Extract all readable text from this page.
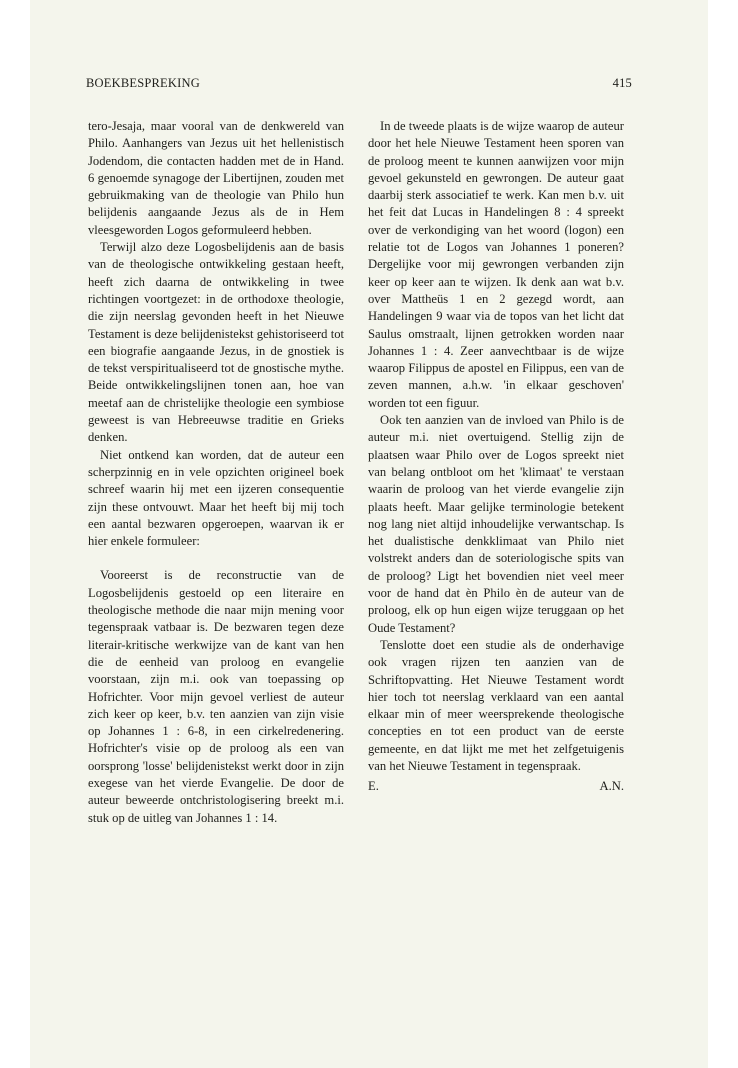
BOEKBESPREKING	415

tero-Jesaja, maar vooral van de denkwereld van Philo. Aanhangers van Jezus uit het hellenistisch Jodendom, die contacten hadden met de in Hand. 6 genoemde synagoge der Libertijnen, zouden met gebruikmaking van de theologie van Philo hun belijdenis aangaande Jezus als de in Hem vleesgeworden Logos geformuleerd hebben.

Terwijl alzo deze Logosbelijdenis aan de basis van de theologische ontwikkeling gestaan heeft, heeft zich daarna de ontwikkeling in twee richtingen voortgezet: in de orthodoxe theologie, die zijn neerslag gevonden heeft in het Nieuwe Testament is deze belijdenistekst gehistoriseerd tot een biografie aangaande Jezus, in de gnostiek is de tekst verspiritualiseerd tot de gnostische mythe. Beide ontwikkelingslijnen tonen aan, hoe van meetaf aan de christelijke theologie een symbiose geweest is van Hebreeuwse traditie en Grieks denken.

Niet ontkend kan worden, dat de auteur een scherpzinnig en in vele opzichten origineel boek schreef waarin hij met een ijzeren consequentie zijn these ontvouwt. Maar het heeft bij mij toch een aantal bezwaren opgeroepen, waarvan ik er hier enkele formuleer:

Vooreerst is de reconstructie van de Logosbelijdenis gestoeld op een literaire en theologische methode die naar mijn mening voor tegenspraak vatbaar is. De bezwaren tegen deze literair-kritische werkwijze van de kant van hen die de eenheid van proloog en evangelie voorstaan, zijn m.i. ook van toepassing op Hofrichter. Voor mijn gevoel verliest de auteur zich keer op keer, b.v. ten aanzien van zijn visie op Johannes 1 : 6-8, in een cirkelredenering. Hofrichter's visie op de proloog als een van oorsprong 'losse' belijdenistekst werkt door in zijn exegese van het vierde Evangelie. De door de auteur beweerde ontchristologisering breekt m.i. stuk op de uitleg van Johannes 1 : 14.

In de tweede plaats is de wijze waarop de auteur door het hele Nieuwe Testament heen sporen van de proloog meent te kunnen aanwijzen voor mijn gevoel gekunsteld en gewrongen. De auteur gaat daarbij sterk associatief te werk. Kan men b.v. uit het feit dat Lucas in Handelingen 8 : 4 spreekt over de verkondiging van het woord (logon) een relatie tot de Logos van Johannes 1 poneren? Dergelijke voor mij gewrongen verbanden zijn keer op keer aan te wijzen. Ik denk aan wat b.v. over Mattheüs 1 en 2 gezegd wordt, aan Handelingen 9 waar via de topos van het licht dat Saulus omstraalt, lijnen getrokken worden naar Johannes 1 : 4. Zeer aanvechtbaar is de wijze waarop Filippus de apostel en Filippus, een van de zeven mannen, a.h.w. 'in elkaar geschoven' worden tot een figuur.

Ook ten aanzien van de invloed van Philo is de auteur m.i. niet overtuigend. Stellig zijn de plaatsen waar Philo over de Logos spreekt niet van belang ontbloot om het 'klimaat' te verstaan waarin de proloog van het vierde evangelie zijn plaats heeft. Maar gelijke terminologie betekent nog lang niet altijd inhoudelijke verwantschap. Is het dualistische denkklimaat van Philo niet volstrekt anders dan de soteriologische spits van de proloog? Ligt het bovendien niet veel meer voor de hand dat èn Philo èn de auteur van de proloog, elk op hun eigen wijze teruggaan op het Oude Testament?

Tenslotte doet een studie als de onderhavige ook vragen rijzen ten aanzien van de Schriftopvatting. Het Nieuwe Testament wordt hier toch tot neerslag verklaard van een aantal elkaar min of meer weersprekende theologische concepties en tot een product van de eerste gemeente, en dat lijkt me met het zelfgetuigenis van het Nieuwe Testament in tegenspraak.

E.	A.N.
